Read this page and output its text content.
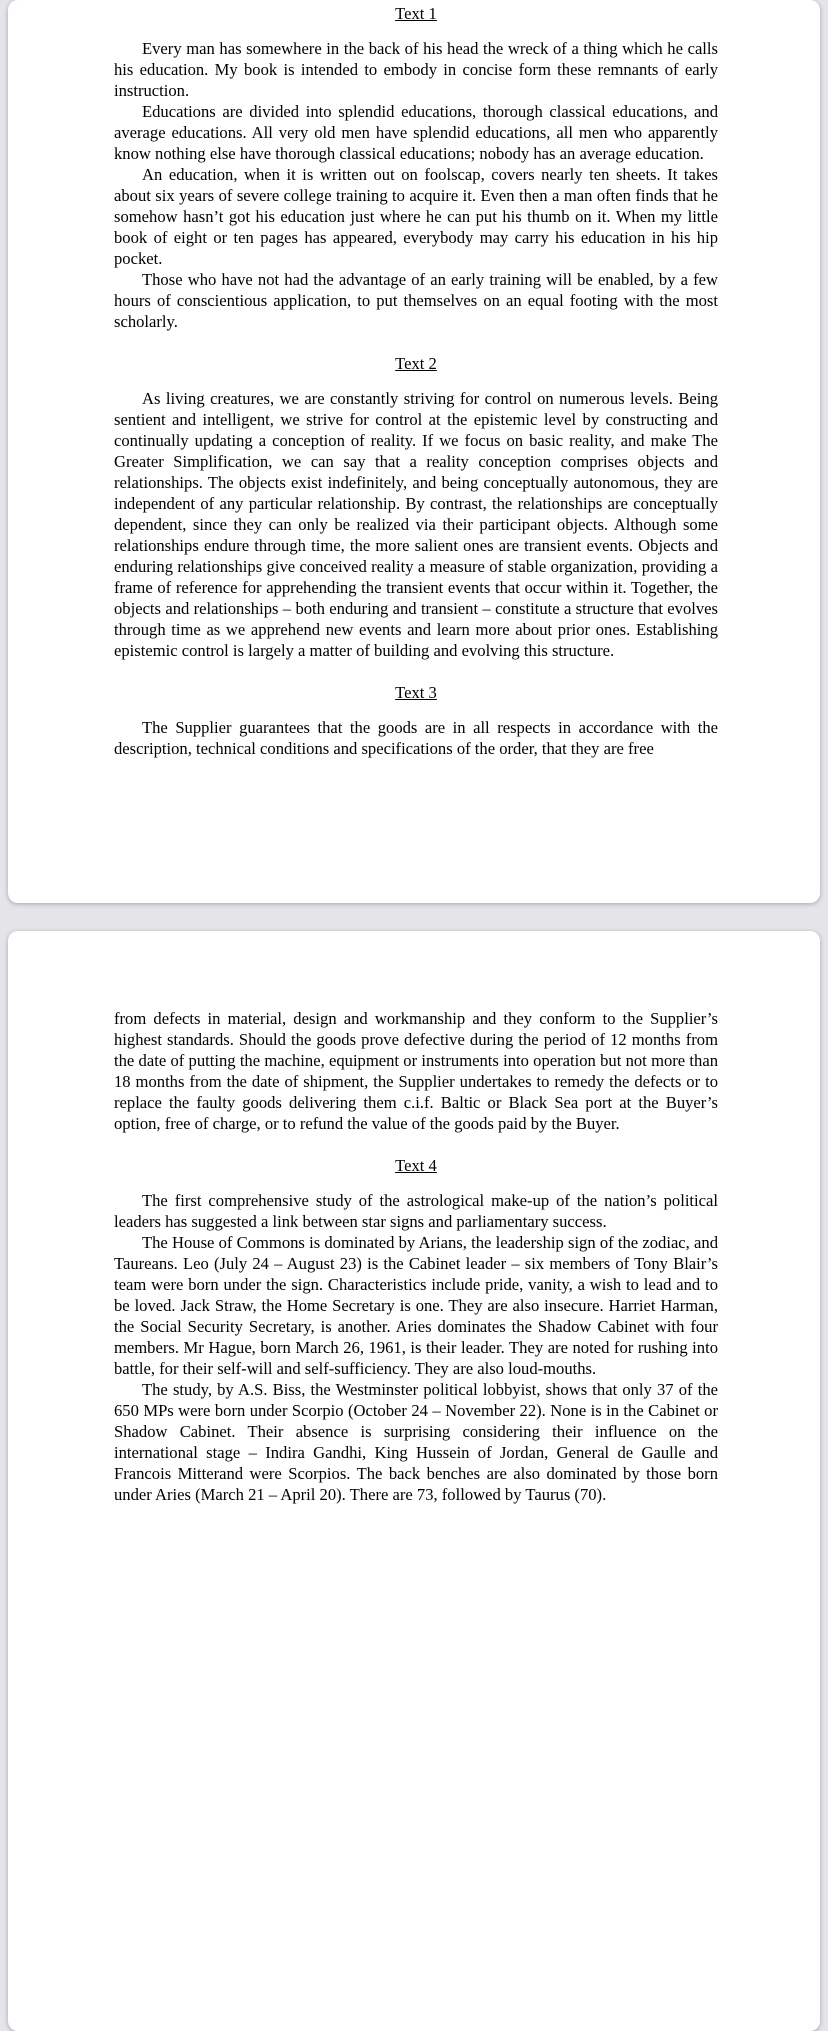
Text 1

Every man has somewhere in the back of his head the wreck of a thing which he calls his education. My book is intended to embody in concise form these remnants of early instruction.

Educations are divided into splendid educations, thorough classical educations, and average educations. All very old men have splendid educations, all men who apparently know nothing else have thorough classical educations; nobody has an average education.

An education, when it is written out on foolscap, covers nearly ten sheets. It takes about six years of severe college training to acquire it. Even then a man often finds that he somehow hasn’t got his education just where he can put his thumb on it. When my little book of eight or ten pages has appeared, everybody may carry his education in his hip pocket.

Those who have not had the advantage of an early training will be enabled, by a few hours of conscientious application, to put themselves on an equal footing with the most scholarly.

Text 2

As living creatures, we are constantly striving for control on numerous levels. Being sentient and intelligent, we strive for control at the epistemic level by constructing and continually updating a conception of reality. If we focus on basic reality, and make The Greater Simplification, we can say that a reality conception comprises objects and relationships. The objects exist indefinitely, and being conceptually autonomous, they are independent of any particular relationship. By contrast, the relationships are conceptually dependent, since they can only be realized via their participant objects. Although some relationships endure through time, the more salient ones are transient events. Objects and enduring relationships give conceived reality a measure of stable organization, providing a frame of reference for apprehending the transient events that occur within it. Together, the objects and relationships – both enduring and transient – constitute a structure that evolves through time as we apprehend new events and learn more about prior ones. Establishing epistemic control is largely a matter of building and evolving this structure.

Text 3

The Supplier guarantees that the goods are in all respects in accordance with the description, technical conditions and specifications of the order, that they are free

from defects in material, design and workmanship and they conform to the Supplier’s highest standards. Should the goods prove defective during the period of 12 months from the date of putting the machine, equipment or instruments into operation but not more than 18 months from the date of shipment, the Supplier undertakes to remedy the defects or to replace the faulty goods delivering them c.i.f. Baltic or Black Sea port at the Buyer’s option, free of charge, or to refund the value of the goods paid by the Buyer.

Text 4

The first comprehensive study of the astrological make-up of the nation’s political leaders has suggested a link between star signs and parliamentary success.

The House of Commons is dominated by Arians, the leadership sign of the zodiac, and Taureans. Leo (July 24 – August 23) is the Cabinet leader – six members of Tony Blair’s team were born under the sign. Characteristics include pride, vanity, a wish to lead and to be loved. Jack Straw, the Home Secretary is one. They are also insecure. Harriet Harman, the Social Security Secretary, is another. Aries dominates the Shadow Cabinet with four members. Mr Hague, born March 26, 1961, is their leader. They are noted for rushing into battle, for their self-will and self-sufficiency. They are also loud-mouths.

The study, by A.S. Biss, the Westminster political lobbyist, shows that only 37 of the 650 MPs were born under Scorpio (October 24 – November 22). None is in the Cabinet or Shadow Cabinet. Their absence is surprising considering their influence on the international stage – Indira Gandhi, King Hussein of Jordan, General de Gaulle and Francois Mitterand were Scorpios. The back benches are also dominated by those born under Aries (March 21 – April 20). There are 73, followed by Taurus (70).
